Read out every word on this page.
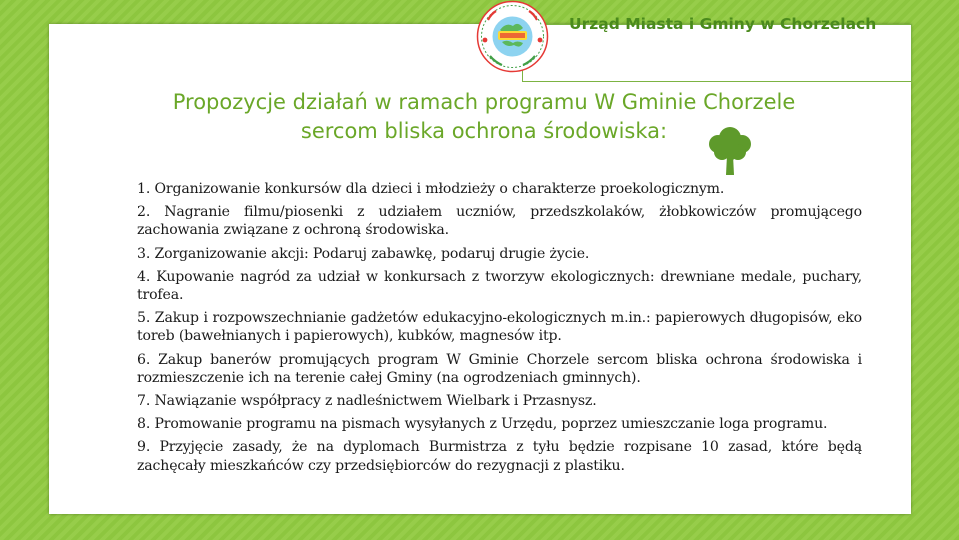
Urząd Miasta i Gminy w Chorzelach
Propozycje działań w ramach programu W Gminie Chorzele
sercom bliska ochrona środowiska:
1. Organizowanie konkursów dla dzieci i młodzieży o charakterze proekologicznym.
2. Nagranie filmu/piosenki z udziałem uczniów, przedszkolaków, żłobkowiczów promującego zachowania związane z ochroną środowiska.
3. Zorganizowanie akcji: Podaruj zabawkę, podaruj drugie życie.
4. Kupowanie nagród za udział w konkursach z tworzyw ekologicznych: drewniane medale, puchary, trofea.
5. Zakup i rozpowszechnianie gadżetów edukacyjno-ekologicznych m.in.: papierowych długopisów, eko toreb (bawełnianych i papierowych), kubków, magnesów itp.
6. Zakup banerów promujących program W Gminie Chorzele sercom bliska ochrona środowiska i rozmieszczenie ich na terenie całej Gminy (na ogrodzeniach gminnych).
7. Nawiązanie współpracy z nadleśnictwem Wielbark i Przasnysz.
8. Promowanie programu na pismach wysyłanych z Urzędu, poprzez umieszczanie loga programu.
9. Przyjęcie zasady, że na dyplomach Burmistrza z tyłu będzie rozpisane 10 zasad, które będą zachęcały mieszkańców czy przedsiębiorców do rezygnacji z plastiku.
